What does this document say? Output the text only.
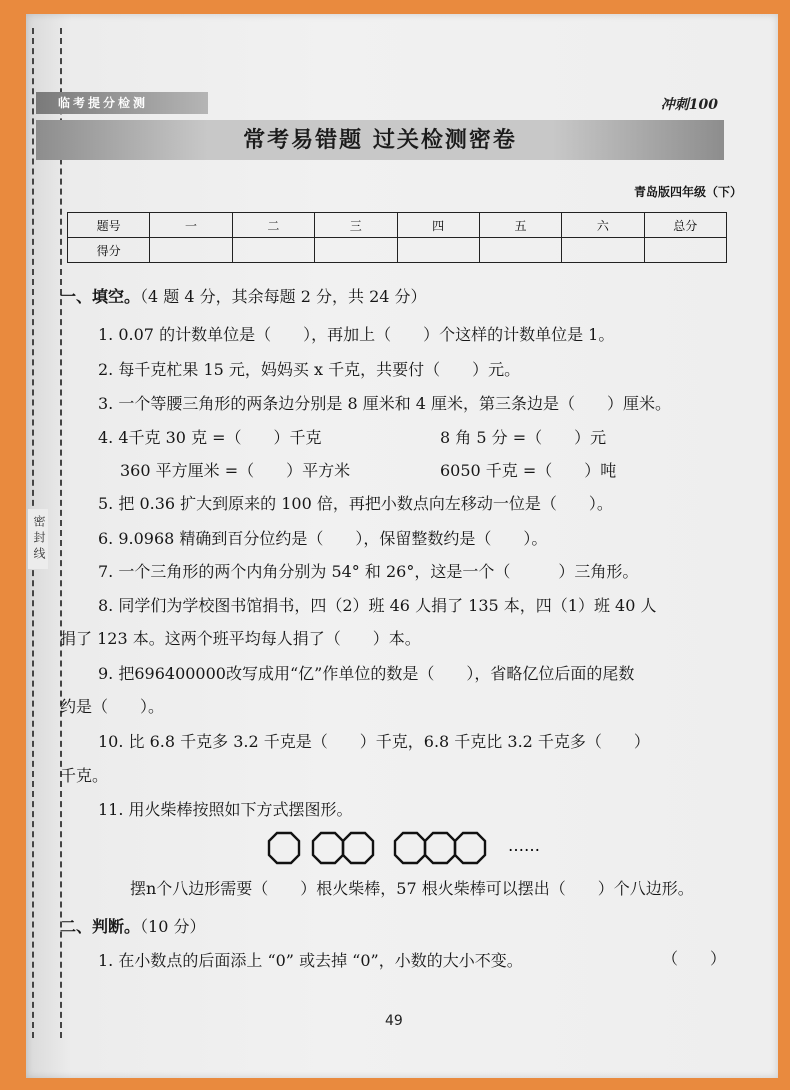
密封线
临考提分检测	冲刺100
常考易错题 过关检测密卷
青岛版四年级（下）
题号	一	二	三	四	五	六	总分
得分							
一、填空。（4 题 4 分，其余每题 2 分，共 24 分）
1. 0.07 的计数单位是（　　），再加上（　　）个这样的计数单位是 1。
2. 每千克杧果 15 元，妈妈买 x 千克，共要付（　　）元。
3. 一个等腰三角形的两条边分别是 8 厘米和 4 厘米，第三条边是（　　）厘米。
4. 4千克 30 克 =（　　）千克	8 角 5 分 =（　　）元
360 平方厘米 =（　　）平方米	6050 千克 =（　　）吨
5. 把 0.36 扩大到原来的 100 倍，再把小数点向左移动一位是（　　）。
6. 9.0968 精确到百分位约是（　　），保留整数约是（　　）。
7. 一个三角形的两个内角分别为 54° 和 26°，这是一个（　　　）三角形。
8. 同学们为学校图书馆捐书，四（2）班 46 人捐了 135 本，四（1）班 40 人
捐了 123 本。这两个班平均每人捐了（　　）本。
9. 把696400000改写成用“亿”作单位的数是（　　），省略亿位后面的尾数
约是（　　）。
10. 比 6.8 千克多 3.2 千克是（　　）千克，6.8 千克比 3.2 千克多（　　）
千克。
11. 用火柴棒按照如下方式摆图形。
……
摆n个八边形需要（　　）根火柴棒，57 根火柴棒可以摆出（　　）个八边形。
二、判断。（10 分）
1. 在小数点的后面添上 “0” 或去掉 “0”，小数的大小不变。	（　　）
49
